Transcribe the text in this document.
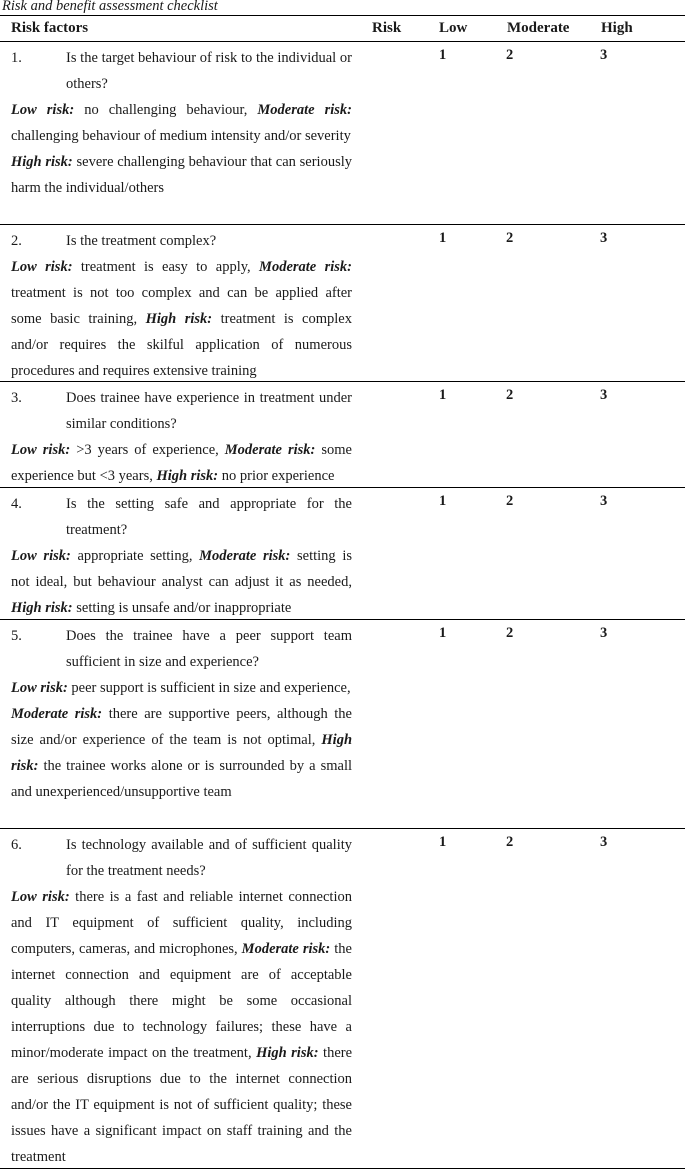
Risk and benefit assessment checklist
Risk factors	Risk	Low	Moderate High
1.	Is the target behaviour of risk to the individual or others?
Low risk: no challenging behaviour, Moderate risk: challenging behaviour of medium intensity and/or severity
High risk: severe challenging behaviour that can seriously harm the individual/others
1	2	3
2.	Is the treatment complex?
Low risk: treatment is easy to apply, Moderate risk: treatment is not too complex and can be applied after some basic training, High risk: treatment is complex and/or requires the skilful application of numerous procedures and requires extensive training
1	2	3
3.	Does trainee have experience in treatment under similar conditions?
Low risk: >3 years of experience, Moderate risk: some experience but <3 years, High risk: no prior experience
1	2	3
4.	Is the setting safe and appropriate for the treatment?
Low risk: appropriate setting, Moderate risk: setting is not ideal, but behaviour analyst can adjust it as needed, High risk: setting is unsafe and/or inappropriate
1	2	3
5.	Does the trainee have a peer support team sufficient in size and experience?
Low risk: peer support is sufficient in size and experience,
Moderate risk: there are supportive peers, although the size and/or experience of the team is not optimal, High risk: the trainee works alone or is surrounded by a small and unexperienced/unsupportive team
1	2	3
6.	Is technology available and of sufficient quality for the treatment needs?
Low risk: there is a fast and reliable internet connection and IT equipment of sufficient quality, including computers, cameras, and microphones, Moderate risk: the internet connection and equipment are of acceptable quality although there might be some occasional interruptions due to technology failures; these have a minor/moderate impact on the treatment, High risk: there are serious disruptions due to the internet connection and/or the IT equipment is not of sufficient quality; these issues have a significant impact on staff training and the treatment
1	2	3
